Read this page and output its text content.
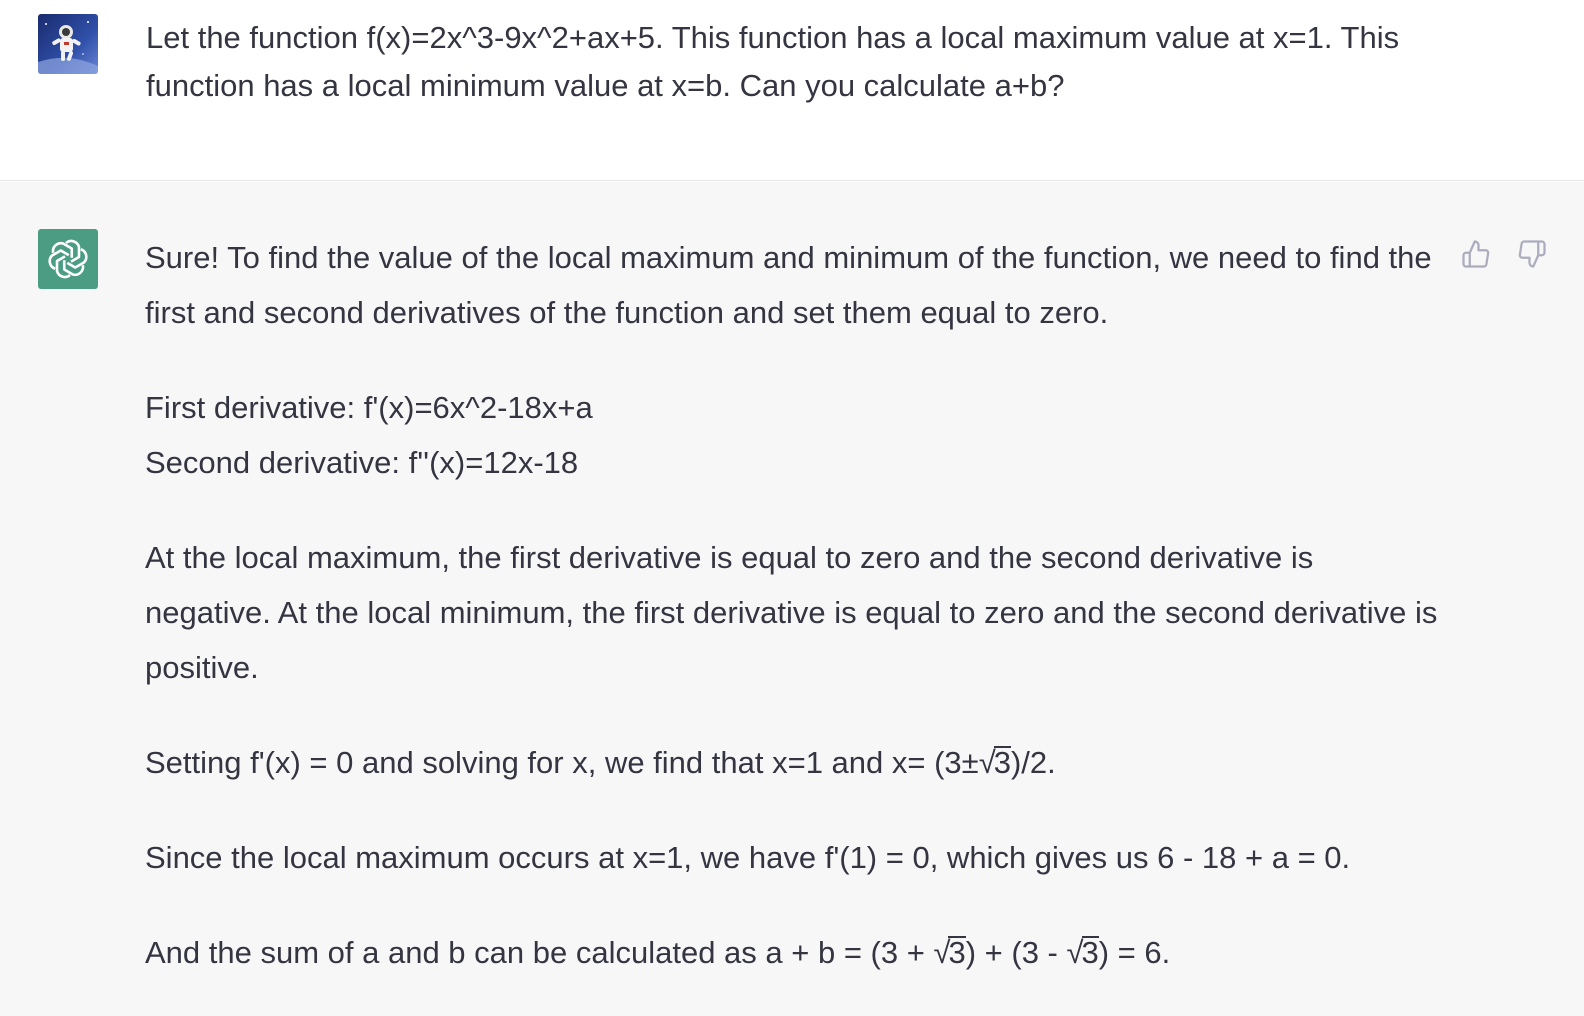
Let the function f(x)=2x^3-9x^2+ax+5. This function has a local maximum value at x=1. This function has a local minimum value at x=b. Can you calculate a+b?

Sure! To find the value of the local maximum and minimum of the function, we need to find the first and second derivatives of the function and set them equal to zero.

First derivative: f'(x)=6x^2-18x+a

Second derivative: f''(x)=12x-18

At the local maximum, the first derivative is equal to zero and the second derivative is negative. At the local minimum, the first derivative is equal to zero and the second derivative is positive.

Setting f'(x) = 0 and solving for x, we find that x=1 and x= (3±√3)/2.

Since the local maximum occurs at x=1, we have f'(1) = 0, which gives us 6 - 18 + a = 0.

And the sum of a and b can be calculated as a + b = (3 + √3) + (3 - √3) = 6.
